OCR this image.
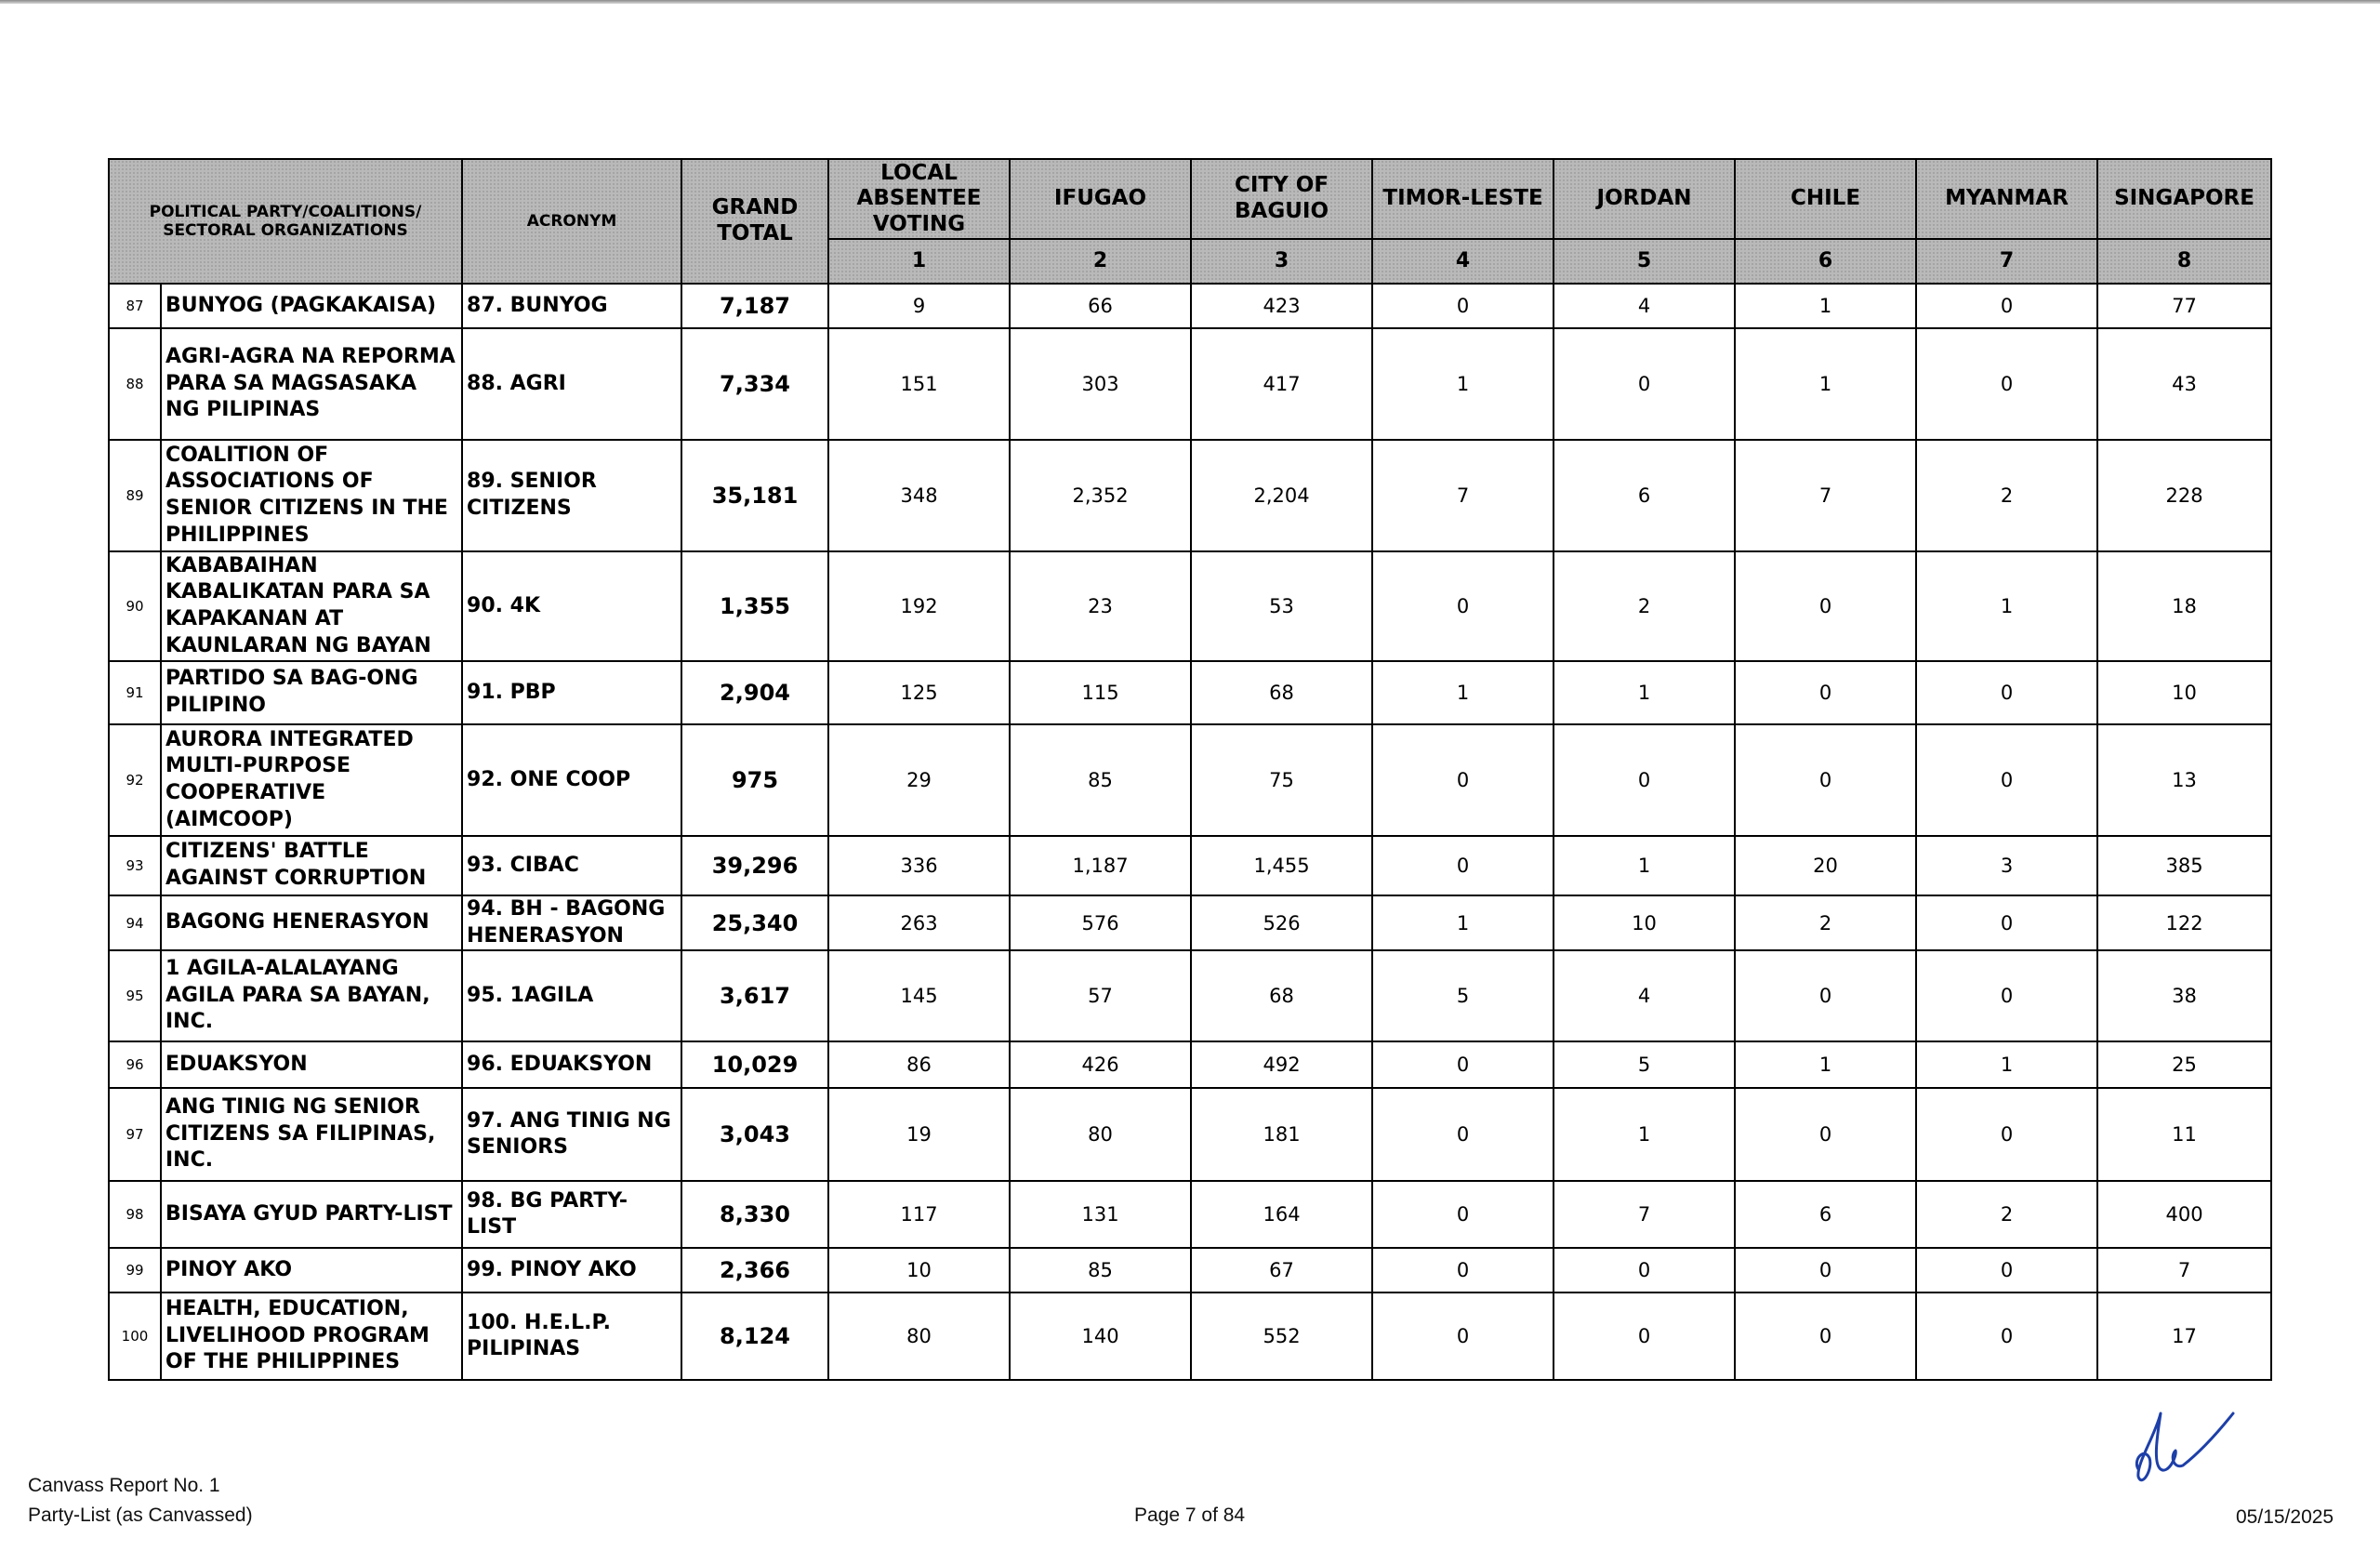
POLITICAL PARTY/COALITIONS/ SECTORAL ORGANIZATIONS		ACRONYM	GRAND TOTAL	LOCAL ABSENTEE VOTING	IFUGAO	CITY OF BAGUIO	TIMOR-LESTE	JORDAN	CHILE	MYANMAR	SINGAPORE
				1	2	3	4	5	6	7	8
87	BUNYOG (PAGKAKAISA)	87. BUNYOG	7,187	9	66	423	0	4	1	0	77
88	AGRI-AGRA NA REPORMA PARA SA MAGSASAKA NG PILIPINAS	88. AGRI	7,334	151	303	417	1	0	1	0	43
89	COALITION OF ASSOCIATIONS OF SENIOR CITIZENS IN THE PHILIPPINES	89. SENIOR CITIZENS	35,181	348	2,352	2,204	7	6	7	2	228
90	KABABAIHAN KABALIKATAN PARA SA KAPAKANAN AT KAUNLARAN NG BAYAN	90. 4K	1,355	192	23	53	0	2	0	1	18
91	PARTIDO SA BAG-ONG PILIPINO	91. PBP	2,904	125	115	68	1	1	0	0	10
92	AURORA INTEGRATED MULTI-PURPOSE COOPERATIVE (AIMCOOP)	92. ONE COOP	975	29	85	75	0	0	0	0	13
93	CITIZENS' BATTLE AGAINST CORRUPTION	93. CIBAC	39,296	336	1,187	1,455	0	1	20	3	385
94	BAGONG HENERASYON	94. BH - BAGONG HENERASYON	25,340	263	576	526	1	10	2	0	122
95	1 AGILA-ALALAYANG AGILA PARA SA BAYAN, INC.	95. 1AGILA	3,617	145	57	68	5	4	0	0	38
96	EDUAKSYON	96. EDUAKSYON	10,029	86	426	492	0	5	1	1	25
97	ANG TINIG NG SENIOR CITIZENS SA FILIPINAS, INC.	97. ANG TINIG NG SENIORS	3,043	19	80	181	0	1	0	0	11
98	BISAYA GYUD PARTY-LIST	98. BG PARTY-LIST	8,330	117	131	164	0	7	6	2	400
99	PINOY AKO	99. PINOY AKO	2,366	10	85	67	0	0	0	0	7
100	HEALTH, EDUCATION, LIVELIHOOD PROGRAM OF THE PHILIPPINES	100. H.E.L.P. PILIPINAS	8,124	80	140	552	0	0	0	0	17
Canvass Report No. 1
Party-List (as Canvassed)	Page 7 of 84	05/15/2025
